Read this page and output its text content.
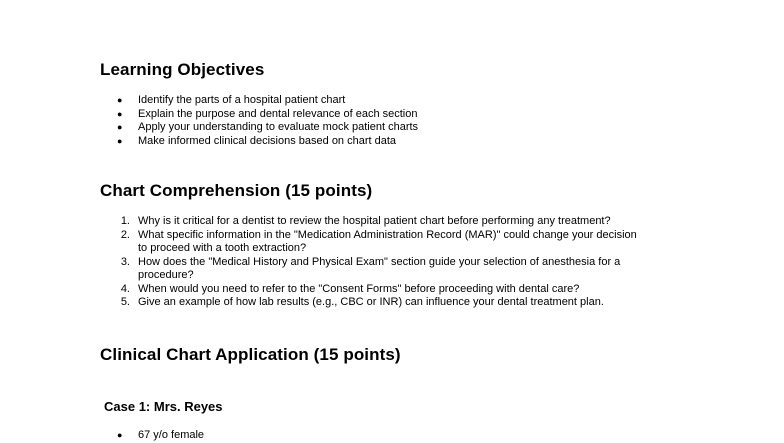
Learning Objectives
● Identify the parts of a hospital patient chart
● Explain the purpose and dental relevance of each section
● Apply your understanding to evaluate mock patient charts
● Make informed clinical decisions based on chart data
Chart Comprehension (15 points)
1. Why is it critical for a dentist to review the hospital patient chart before performing any treatment?
2. What specific information in the "Medication Administration Record (MAR)" could change your decision
to proceed with a tooth extraction?
3. How does the "Medical History and Physical Exam" section guide your selection of anesthesia for a
procedure?
4. When would you need to refer to the "Consent Forms" before proceeding with dental care?
5. Give an example of how lab results (e.g., CBC or INR) can influence your dental treatment plan.
Clinical Chart Application (15 points)
Case 1: Mrs. Reyes
● 67 y/o female
